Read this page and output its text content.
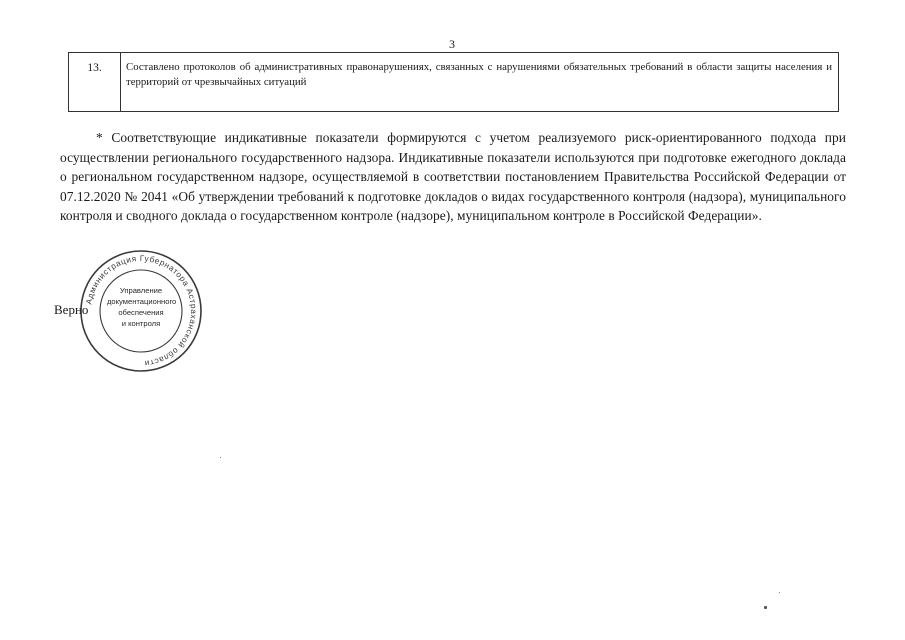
3
13.	Составлено протоколов об административных правонарушениях, связанных с нарушениями обязательных требований в области защиты населения и территорий от чрезвычайных ситуаций

* Соответствующие индикативные показатели формируются с учетом реализуемого риск-ориентированного подхода при осуществлении регионального государственного надзора. Индикативные показатели используются при подготовке ежегодного доклада о региональном государственном надзоре, осуществляемой в соответствии постановлением Правительства Российской Федерации от 07.12.2020 № 2041 «Об утверждении требований к подготовке докладов о видах государственного контроля (надзора), муниципального контроля и сводного доклада о государственном контроле (надзоре), муниципальном контроле в Российской Федерации».

Верно
Администрация Губернатора Астраханской области
Управление
документационного
обеспечения
и контроля
